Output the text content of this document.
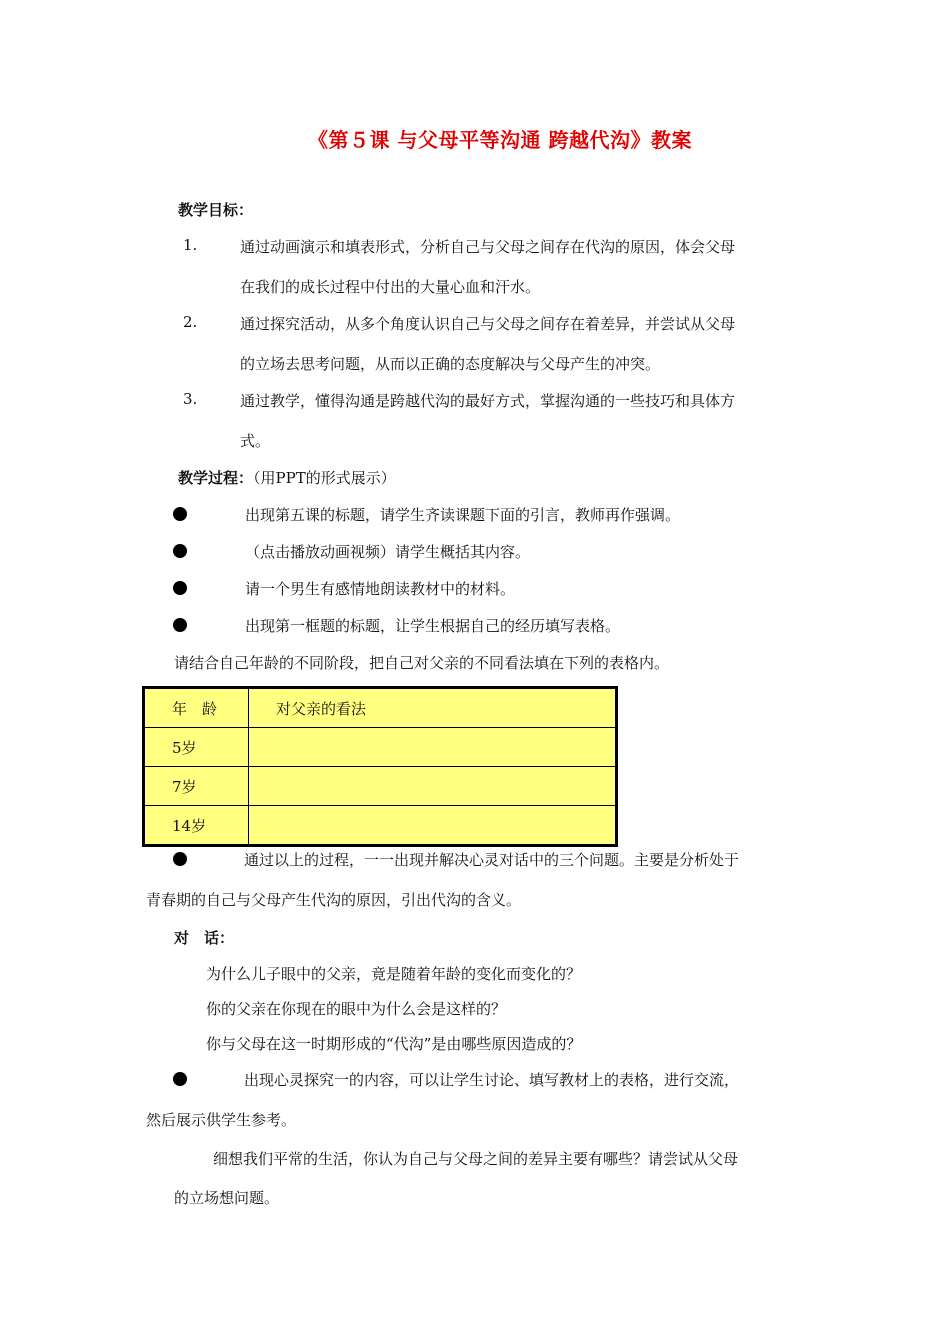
《第５课 与父母平等沟通 跨越代沟》教案
教学目标：
1.	通过动画演示和填表形式，分析自己与父母之间存在代沟的原因，体会父母
在我们的成长过程中付出的大量心血和汗水。
2.	通过探究活动，从多个角度认识自己与父母之间存在着差异，并尝试从父母
的立场去思考问题，从而以正确的态度解决与父母产生的冲突。
3.	通过教学，懂得沟通是跨越代沟的最好方式，掌握沟通的一些技巧和具体方
式。
教学过程：（用PPT的形式展示）
出现第五课的标题，请学生齐读课题下面的引言，教师再作强调。
（点击播放动画视频）请学生概括其内容。
请一个男生有感情地朗读教材中的材料。
出现第一框题的标题，让学生根据自己的经历填写表格。
请结合自己年龄的不同阶段，把自己对父亲的不同看法填在下列的表格内。
年　龄	对父亲的看法
5岁	
7岁	
14岁	
通过以上的过程，一一出现并解决心灵对话中的三个问题。主要是分析处于
青春期的自己与父母产生代沟的原因，引出代沟的含义。
对　话：
为什么儿子眼中的父亲，竟是随着年龄的变化而变化的？
你的父亲在你现在的眼中为什么会是这样的？
你与父母在这一时期形成的“代沟”是由哪些原因造成的？
出现心灵探究一的内容，可以让学生讨论、填写教材上的表格，进行交流，
然后展示供学生参考。
细想我们平常的生活，你认为自己与父母之间的差异主要有哪些？请尝试从父母
的立场想问题。
